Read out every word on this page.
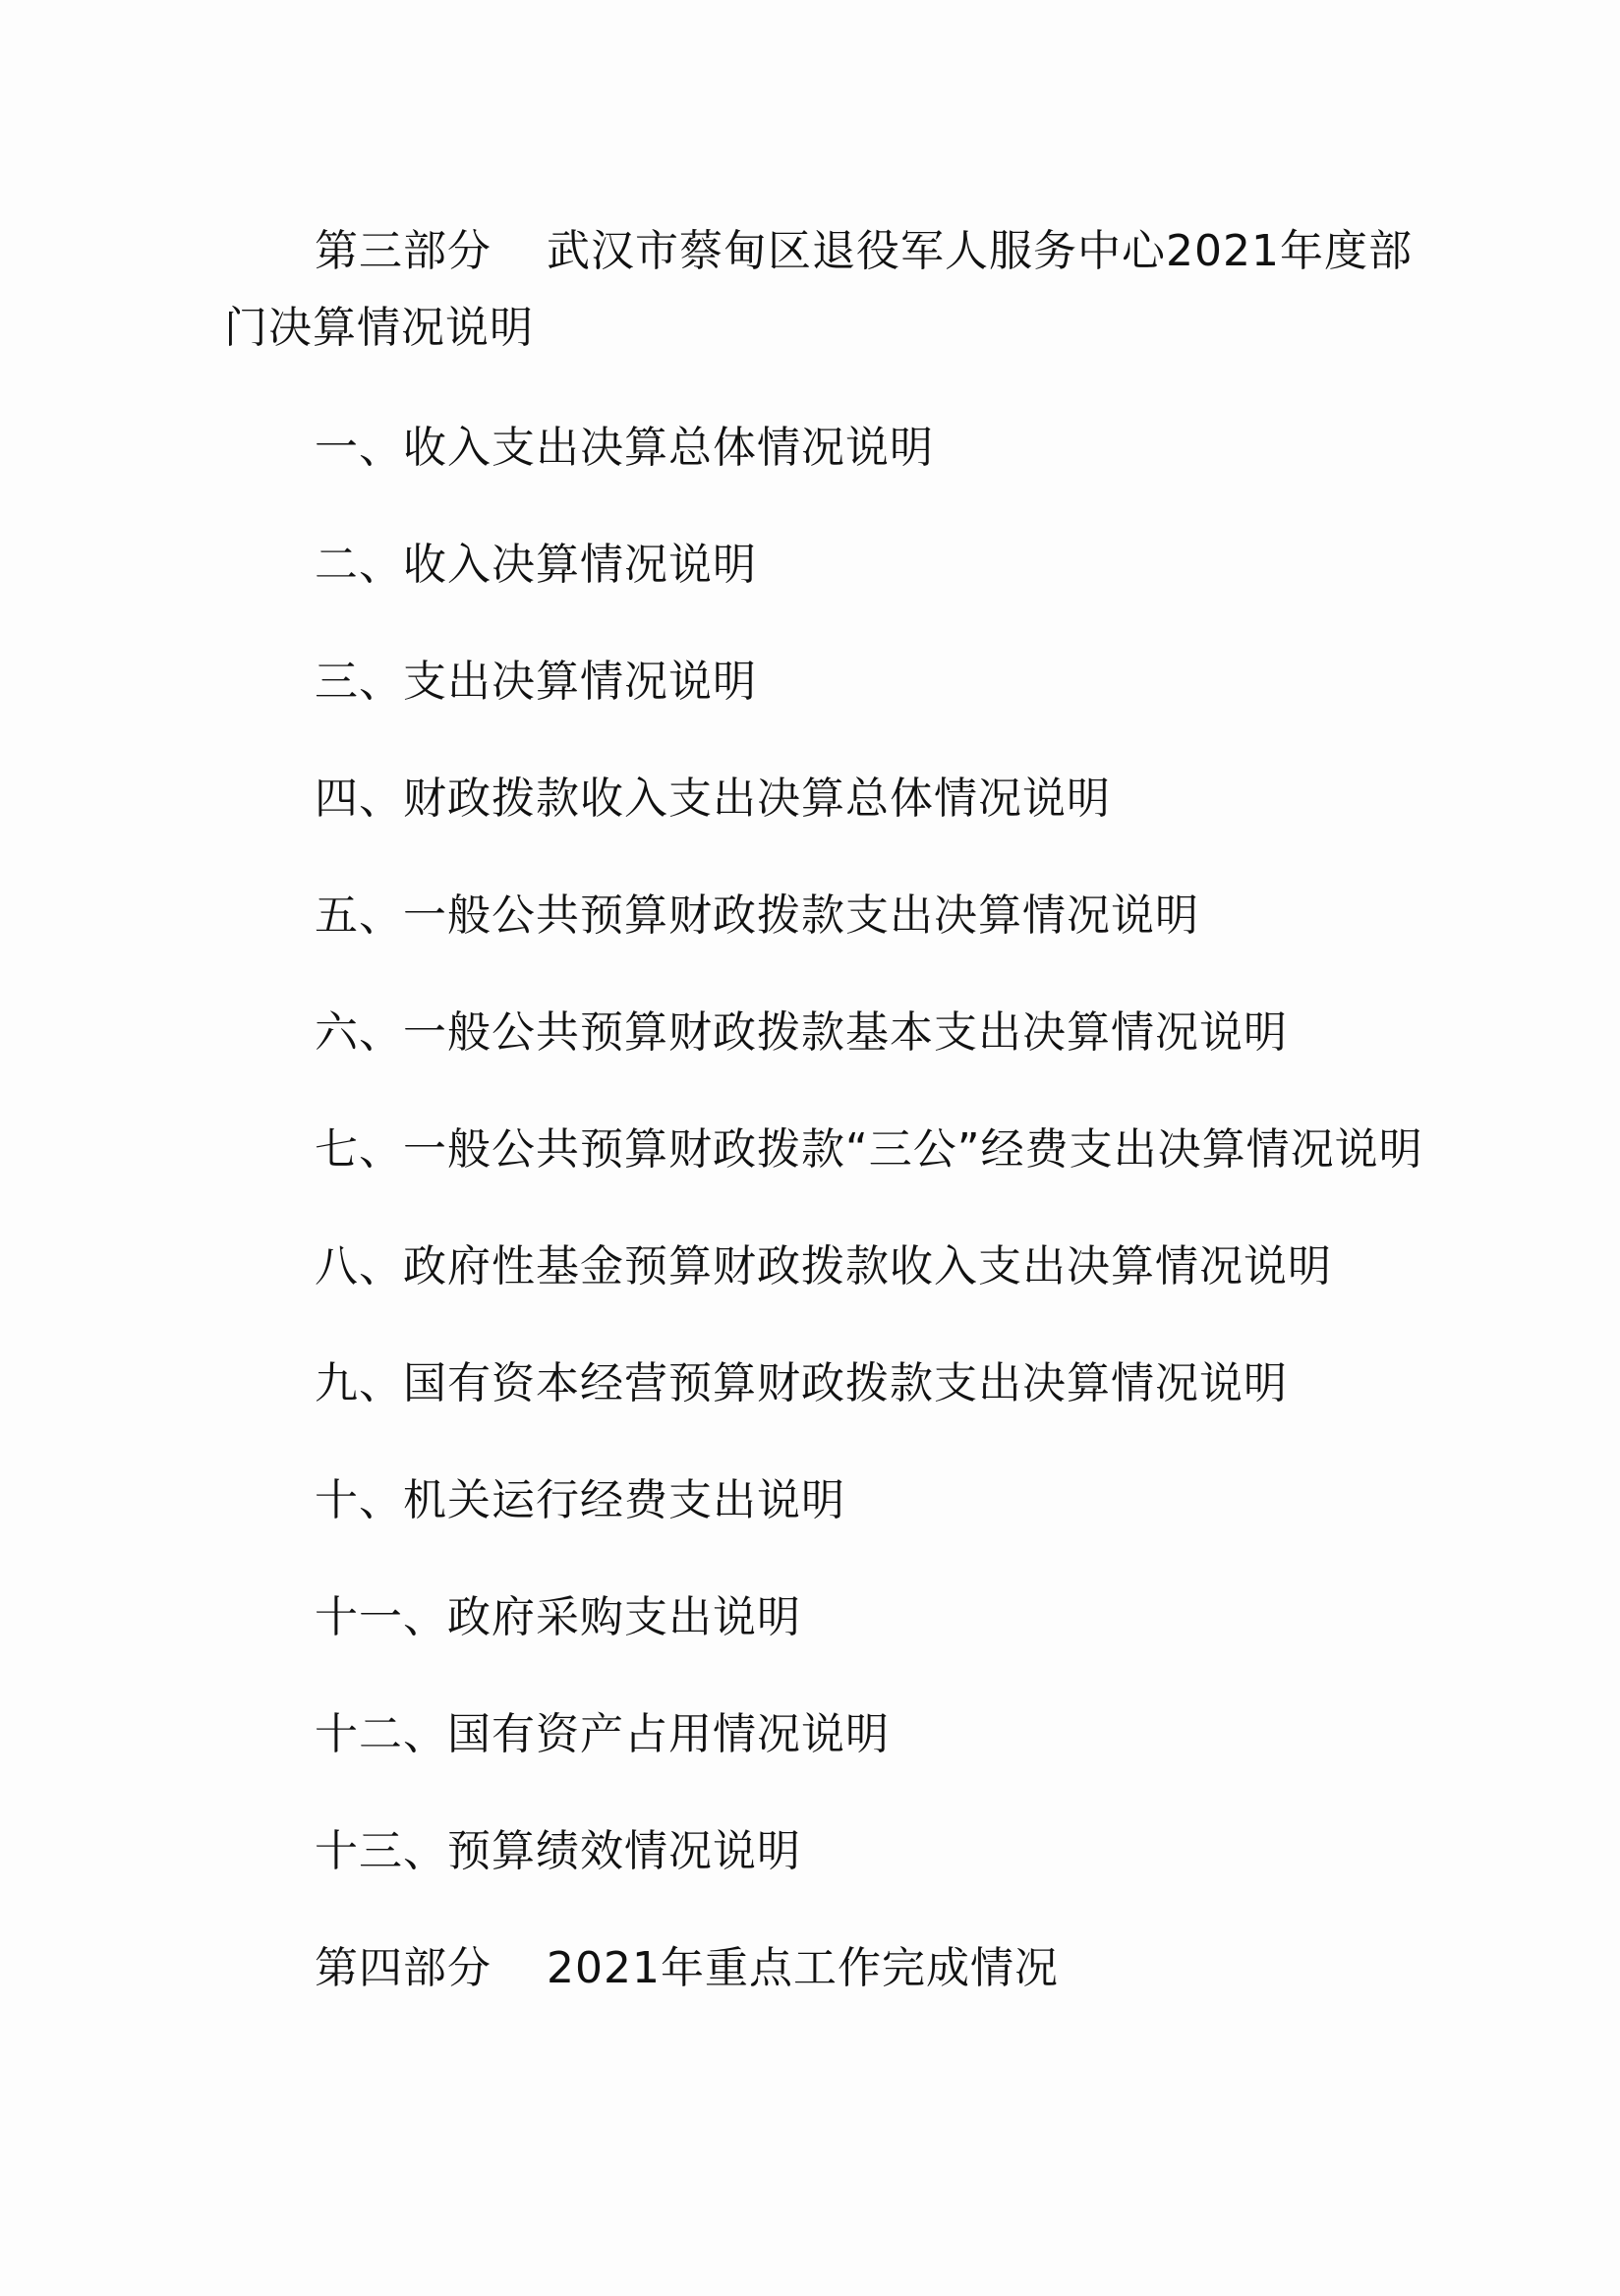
第三部分 武汉市蔡甸区退役军人服务中心2021年度部
门决算情况说明
一、收入支出决算总体情况说明
二、收入决算情况说明
三、支出决算情况说明
四、财政拨款收入支出决算总体情况说明
五、一般公共预算财政拨款支出决算情况说明
六、一般公共预算财政拨款基本支出决算情况说明
七、一般公共预算财政拨款“三公”经费支出决算情况说明
八、政府性基金预算财政拨款收入支出决算情况说明
九、国有资本经营预算财政拨款支出决算情况说明
十、机关运行经费支出说明
十一、政府采购支出说明
十二、国有资产占用情况说明
十三、预算绩效情况说明
第四部分 2021年重点工作完成情况
